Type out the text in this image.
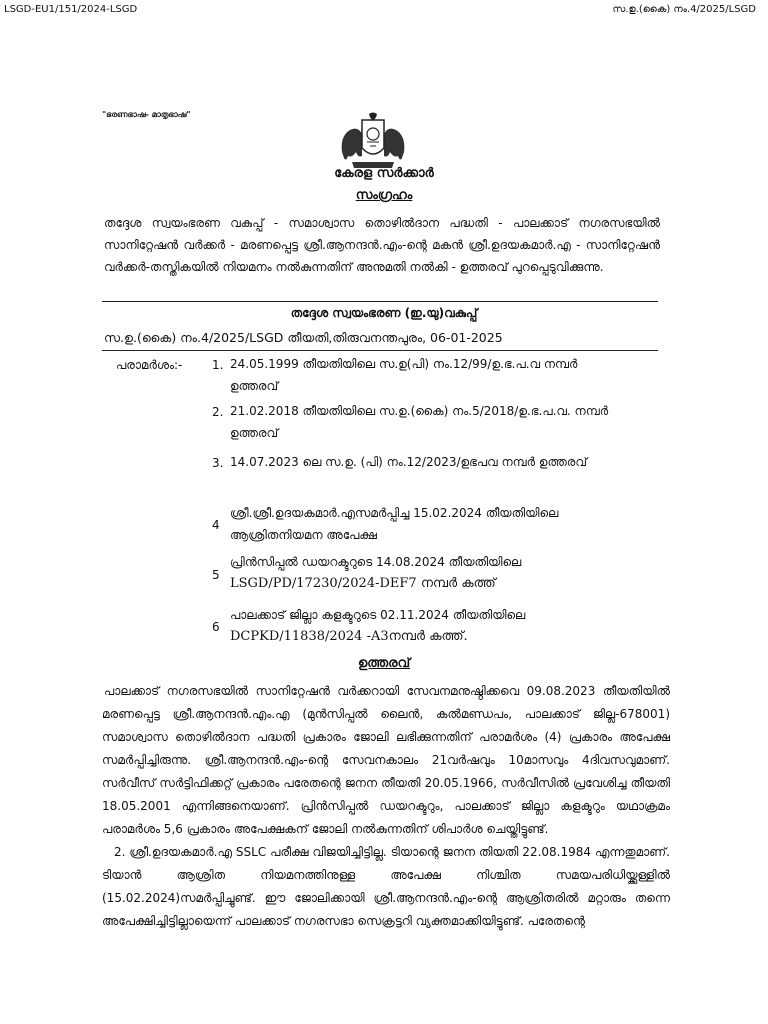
LSGD-EU1/151/2024-LSGD	സ.ഉ.(കൈ) നം.4/2025/LSGD
"ഭരണഭാഷ- മാതൃഭാഷ"
കേരള സർക്കാർ
സംഗ്രഹം
തദ്ദേശ സ്വയംഭരണ വകുപ്പ് - സമാശ്വാസ തൊഴിൽദാന പദ്ധതി - പാലക്കാട് നഗരസഭയിൽ സാനിറ്റേഷൻ വർക്കർ - മരണപ്പെട്ട ശ്രീ.ആനന്ദൻ.എം-ന്റെ മകൻ ശ്രീ.ഉദയകമാർ.എ - സാനിറ്റേഷൻ വർക്കർ-തസ്തികയിൽ നിയമനം നൽകുന്നതിന് അനുമതി നൽകി - ഉത്തരവ് പുറപ്പെടുവിക്കുന്നു.
തദ്ദേശ സ്വയംഭരണ (ഇ.യു)വകുപ്പ്
സ.ഉ.(കൈ) നം.4/2025/LSGD തീയതി,തിരുവനന്തപുരം, 06-01-2025
പരാമർശം:- 1. 24.05.1999 തീയതിയിലെ സ.ഉ(പി) നം.12/99/ഉ.ഭ.പ.വ നമ്പർ ഉത്തരവ്
2. 21.02.2018 തീയതിയിലെ സ.ഉ.(കൈ) നം.5/2018/ഉ.ഭ.പ.വ. നമ്പർ
ഉത്തരവ്
3. 14.07.2023 ലെ സ.ഉ. (പി) നം.12/2023/ഉഭപവ നമ്പർ ഉത്തരവ്
4
ശ്രീ.ശ്രീ.ഉദയകമാർ.എസമർപ്പിച്ച 15.02.2024 തീയതിയിലെ
ആശ്രിതനിയമന അപേക്ഷ
5
പ്രിൻസിപ്പൽ ഡയറക്ടറുടെ 14.08.2024 തീയതിയിലെ
LSGD/PD/17230/2024-DEF7 നമ്പർ കത്ത്
6
പാലക്കാട് ജില്ലാ കളക്ടറുടെ 02.11.2024 തീയതിയിലെ
DCPKD/11838/2024 -A3നമ്പർ കത്ത്.
ഉത്തരവ്

പാലക്കാട് നഗരസഭയിൽ സാനിറ്റേഷൻ വർക്കറായി സേവനമനുഷ്ഠിക്കവെ 09.08.2023 തീയതിയിൽ മരണപ്പെട്ട ശ്രീ.ആനന്ദൻ.എം.എ (മുൻസിപ്പൽ ലൈൻ, കൽമണ്ഡപം, പാലക്കാട് ജില്ല-678001) സമാശ്വാസ തൊഴിൽദാന പദ്ധതി പ്രകാരം ജോലി ലഭിക്കുന്നതിന് പരാമർശം (4) പ്രകാരം അപേക്ഷ സമർപ്പിച്ചിരുന്നു. ശ്രീ.ആനന്ദൻ.എം-ന്റെ സേവനകാലം 21വർഷവും 10മാസവും 4ദിവസവുമാണ്. സർവീസ് സർട്ടിഫിക്കറ്റ് പ്രകാരം പരേതന്റെ ജനന തീയതി 20.05.1966, സർവീസിൽ പ്രവേശിച്ച തീയതി 18.05.2001 എന്നിങ്ങനെയാണ്. പ്രിൻസിപ്പൽ ഡയറക്ടറും, പാലക്കാട് ജില്ലാ കളക്ടറും യഥാക്രമം പരാമർശം 5,6 പ്രകാരം അപേക്ഷകന് ജോലി നൽകുന്നതിന് ശിപാർശ ചെയ്തിട്ടുണ്ട്.

2. ശ്രീ.ഉദയകമാർ.എ SSLC പരീക്ഷ വിജയിച്ചിട്ടില്ല. ടിയാന്റെ ജനന തിയതി 22.08.1984 എന്നതുമാണ്. ടിയാൻ ആശ്രിത നിയമനത്തിനുള്ള അപേക്ഷ നിശ്ചിത സമയപരിധിയ്ക്കുള്ളിൽ (15.02.2024)സമർപ്പിച്ചുണ്ട്. ഈ ജോലിക്കായി ശ്രീ.ആനന്ദൻ.എം-ന്റെ ആശ്രിതരിൽ മറ്റാരും തന്നെ അപേക്ഷിച്ചിട്ടില്ലായെന്ന് പാലക്കാട് നഗരസഭാ സെക്രട്ടറി വ്യക്തമാക്കിയിട്ടുണ്ട്. പരേതന്റെ
